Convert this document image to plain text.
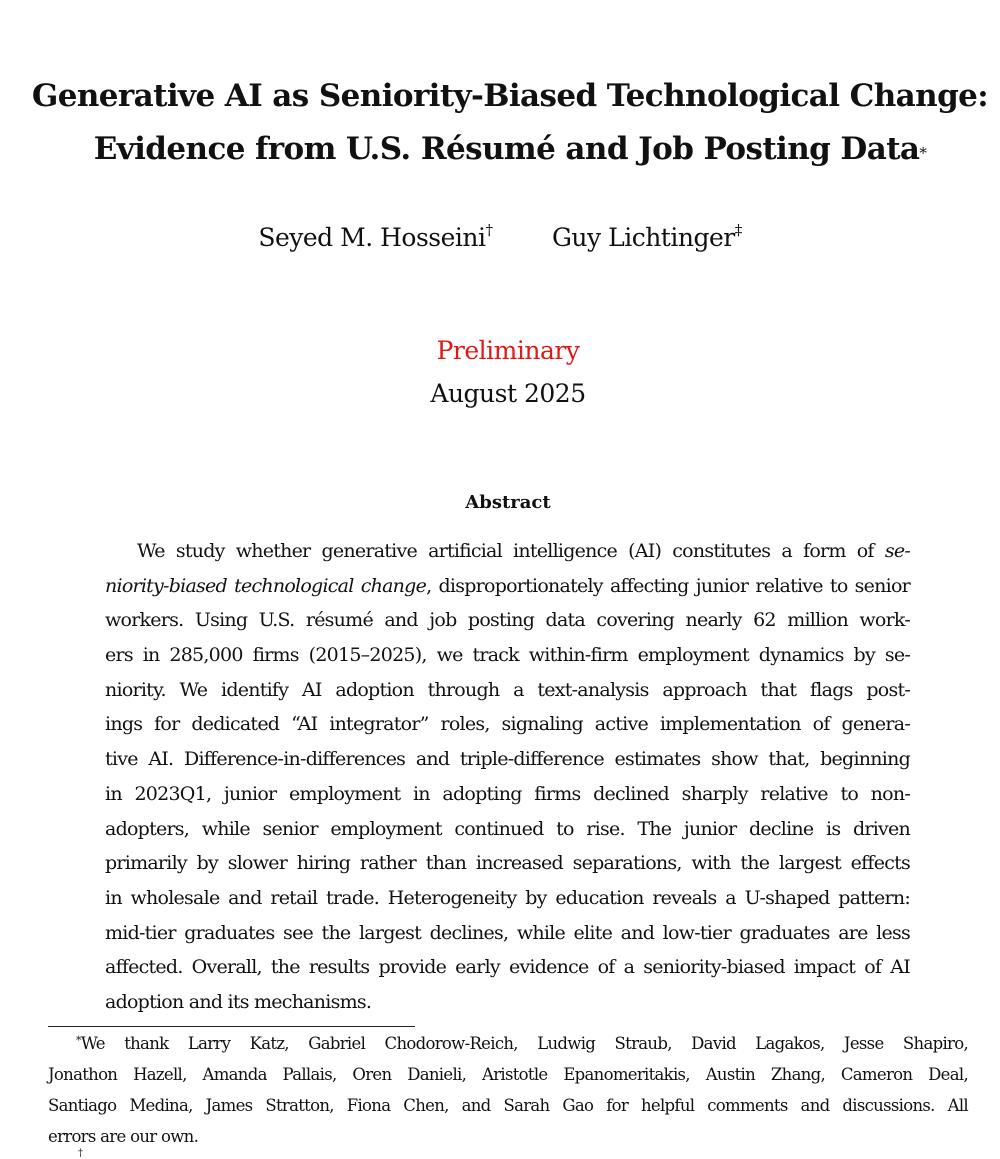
Generative AI as Seniority-Biased Technological Change:
Evidence from U.S. Résumé and Job Posting Data*
Seyed M. Hosseini† Guy Lichtinger‡
Preliminary
August 2025
Abstract
We study whether generative artificial intelligence (AI) constitutes a form of se-
niority-biased technological change, disproportionately affecting junior relative to senior
workers. Using U.S. résumé and job posting data covering nearly 62 million work-
ers in 285,000 firms (2015–2025), we track within-firm employment dynamics by se-
niority. We identify AI adoption through a text-analysis approach that flags post-
ings for dedicated “AI integrator” roles, signaling active implementation of genera-
tive AI. Difference-in-differences and triple-difference estimates show that, beginning
in 2023Q1, junior employment in adopting firms declined sharply relative to non-
adopters, while senior employment continued to rise. The junior decline is driven
primarily by slower hiring rather than increased separations, with the largest effects
in wholesale and retail trade. Heterogeneity by education reveals a U-shaped pattern:
mid-tier graduates see the largest declines, while elite and low-tier graduates are less
affected. Overall, the results provide early evidence of a seniority-biased impact of AI
adoption and its mechanisms.
*We thank Larry Katz, Gabriel Chodorow-Reich, Ludwig Straub, David Lagakos, Jesse Shapiro,
Jonathon Hazell, Amanda Pallais, Oren Danieli, Aristotle Epanomeritakis, Austin Zhang, Cameron Deal,
Santiago Medina, James Stratton, Fiona Chen, and Sarah Gao for helpful comments and discussions. All
errors are our own.
†
